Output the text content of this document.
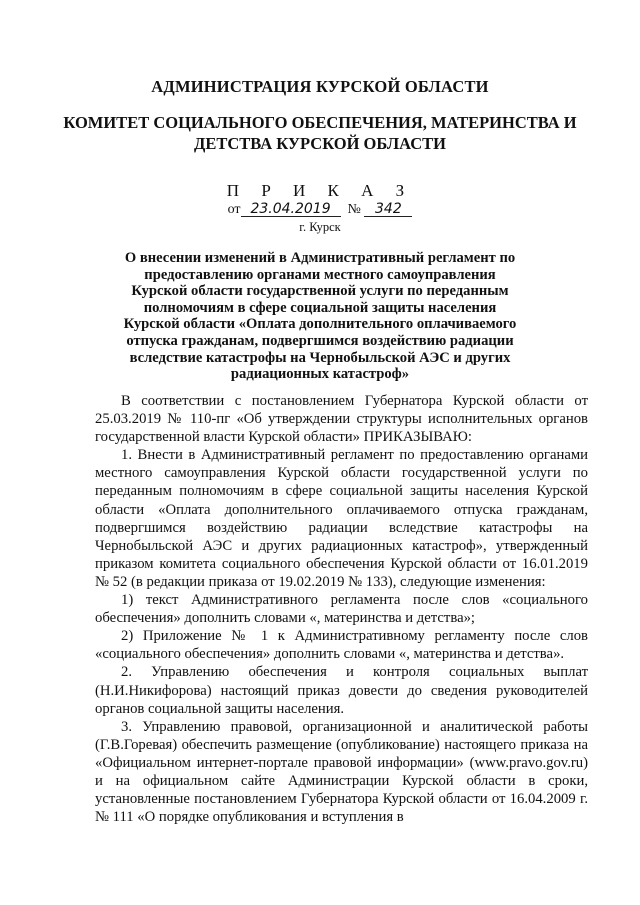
АДМИНИСТРАЦИЯ КУРСКОЙ ОБЛАСТИ
КОМИТЕТ СОЦИАЛЬНОГО ОБЕСПЕЧЕНИЯ, МАТЕРИНСТВА И ДЕТСТВА КУРСКОЙ ОБЛАСТИ
П Р И К А З
от 23.04.2019 № 342
г. Курск
О внесении изменений в Административный регламент по предоставлению органами местного самоуправления Курской области государственной услуги по переданным полномочиям в сфере социальной защиты населения Курской области «Оплата дополнительного оплачиваемого отпуска гражданам, подвергшимся воздействию радиации вследствие катастрофы на Чернобыльской АЭС и других радиационных катастроф»

В соответствии с постановлением Губернатора Курской области от 25.03.2019 № 110-пг «Об утверждении структуры исполнительных органов государственной власти Курской области» ПРИКАЗЫВАЮ:

1. Внести в Административный регламент по предоставлению органами местного самоуправления Курской области государственной услуги по переданным полномочиям в сфере социальной защиты населения Курской области «Оплата дополнительного оплачиваемого отпуска гражданам, подвергшимся воздействию радиации вследствие катастрофы на Чернобыльской АЭС и других радиационных катастроф», утвержденный приказом комитета социального обеспечения Курской области от 16.01.2019 № 52 (в редакции приказа от 19.02.2019 № 133), следующие изменения:

1) текст Административного регламента после слов «социального обеспечения» дополнить словами «, материнства и детства»;

2) Приложение № 1 к Административному регламенту после слов «социального обеспечения» дополнить словами «, материнства и детства».

2. Управлению обеспечения и контроля социальных выплат (Н.И.Никифорова) настоящий приказ довести до сведения руководителей органов социальной защиты населения.

3. Управлению правовой, организационной и аналитической работы (Г.В.Горевая) обеспечить размещение (опубликование) настоящего приказа на «Официальном интернет-портале правовой информации» (www.pravo.gov.ru) и на официальном сайте Администрации Курской области в сроки, установленные постановлением Губернатора Курской области от 16.04.2009 г. № 111 «О порядке опубликования и вступления в
